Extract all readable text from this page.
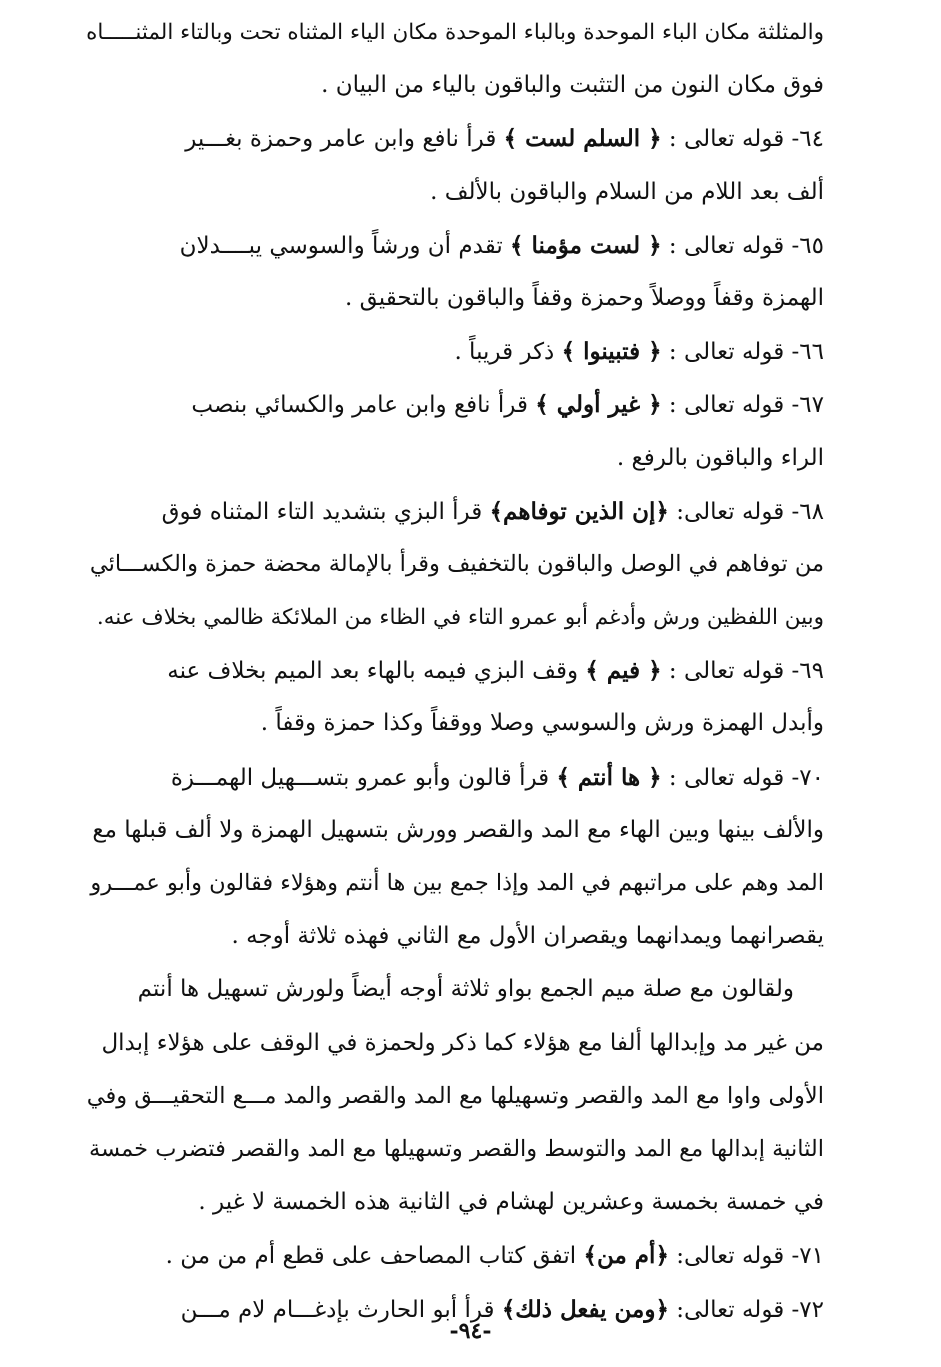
والمثلثة مكان الباء الموحدة وبالباء الموحدة مكان الياء المثناه تحت وبالتاء المثنـــــاه
فوق مكان النون من التثبت والباقون بالياء من البيان .
٦٤- قوله تعالى : ﴿ السلم لست ﴾ قرأ نافع وابن عامر وحمزة بغـــير
ألف بعد اللام من السلام والباقون بالألف .
٦٥- قوله تعالى : ﴿ لست مؤمنا ﴾ تقدم أن ورشاً والسوسي يبــــدلان
الهمزة وقفاً ووصلاً وحمزة وقفاً والباقون بالتحقيق .
٦٦- قوله تعالى : ﴿ فتبينوا ﴾ ذكر قريباً .
٦٧- قوله تعالى : ﴿ غير أولي ﴾ قرأ نافع وابن عامر والكسائي بنصب
الراء والباقون بالرفع .
٦٨- قوله تعالى: ﴿إن الذين توفاهم﴾ قرأ البزي بتشديد التاء المثناه فوق
من توفاهم في الوصل والباقون بالتخفيف وقرأ بالإمالة محضة حمزة والكســـائي
وبين اللفظين ورش وأدغم أبو عمرو التاء في الظاء من الملائكة ظالمي بخلاف عنه.
٦٩- قوله تعالى : ﴿ فيم ﴾ وقف البزي فيمه بالهاء بعد الميم بخلاف عنه
وأبدل الهمزة ورش والسوسي وصلا ووقفاً وكذا حمزة وقفاً .
٧٠- قوله تعالى : ﴿ ها أنتم ﴾ قرأ قالون وأبو عمرو بتســـهيل الهمـــزة
والألف بينها وبين الهاء مع المد والقصر وورش بتسهيل الهمزة ولا ألف قبلها مع
المد وهم على مراتبهم في المد وإذا جمع بين ها أنتم وهؤلاء فقالون وأبو عمـــرو
يقصرانهما ويمدانهما ويقصران الأول مع الثاني فهذه ثلاثة أوجه .
ولقالون مع صلة ميم الجمع بواو ثلاثة أوجه أيضاً ولورش تسهيل ها أنتم
من غير مد وإبدالها ألفا مع هؤلاء كما ذكر ولحمزة في الوقف على هؤلاء إبدال
الأولى واوا مع المد والقصر وتسهيلها مع المد والقصر والمد مـــع التحقيـــق وفي
الثانية إبدالها مع المد والتوسط والقصر وتسهيلها مع المد والقصر فتضرب خمسة
في خمسة بخمسة وعشرين لهشام في الثانية هذه الخمسة لا غير .
٧١- قوله تعالى: ﴿أم من﴾ اتفق كتاب المصاحف على قطع أم من من .
٧٢- قوله تعالى: ﴿ومن يفعل ذلك﴾ قرأ أبو الحارث بإدغـــام لام مـــن
-٩٤-
